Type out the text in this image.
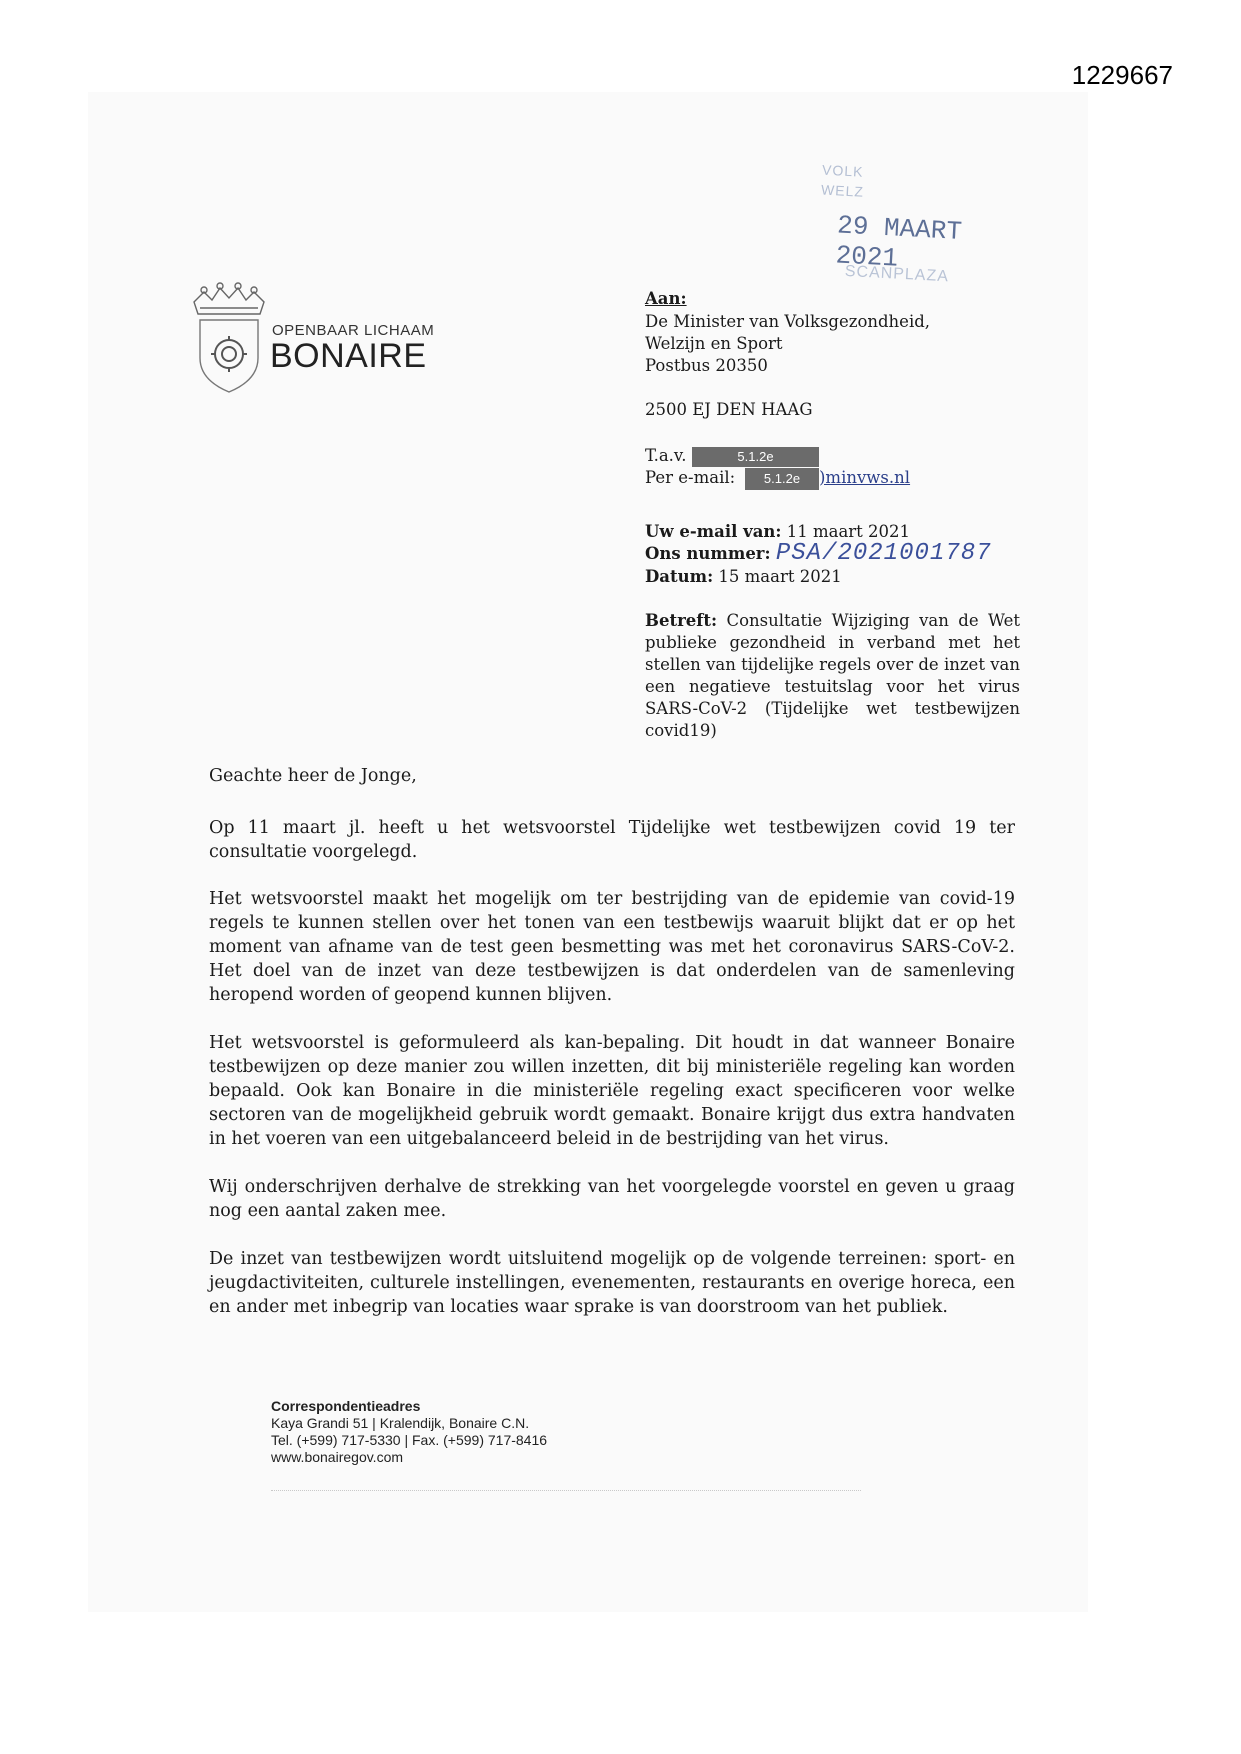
1229667
VOLK
WELZ
29 MAART 2021
SCANPLAZA
OPENBAAR LICHAAM
BONAIRE
Aan:
De Minister van Volksgezondheid,
Welzijn en Sport
Postbus 20350
2500 EJ DEN HAAG
T.a.v.	5.1.2e
Per e-mail:	5.1.2e	)minvws.nl
Uw e-mail van: 11 maart 2021
Ons nummer: PSA/2021001787
Datum: 15 maart 2021
Betreft: Consultatie Wijziging van de Wet publieke gezondheid in verband met het stellen van tijdelijke regels over de inzet van een negatieve testuitslag voor het virus SARS-CoV-2 (Tijdelijke wet testbewijzen covid19)
Geachte heer de Jonge,
Op 11 maart jl. heeft u het wetsvoorstel Tijdelijke wet testbewijzen covid 19 ter consultatie voorgelegd.
Het wetsvoorstel maakt het mogelijk om ter bestrijding van de epidemie van covid-19 regels te kunnen stellen over het tonen van een testbewijs waaruit blijkt dat er op het moment van afname van de test geen besmetting was met het coronavirus SARS-CoV-2. Het doel van de inzet van deze testbewijzen is dat onderdelen van de samenleving heropend worden of geopend kunnen blijven.
Het wetsvoorstel is geformuleerd als kan-bepaling. Dit houdt in dat wanneer Bonaire testbewijzen op deze manier zou willen inzetten, dit bij ministeriële regeling kan worden bepaald. Ook kan Bonaire in die ministeriële regeling exact specificeren voor welke sectoren van de mogelijkheid gebruik wordt gemaakt. Bonaire krijgt dus extra handvaten in het voeren van een uitgebalanceerd beleid in de bestrijding van het virus.
Wij onderschrijven derhalve de strekking van het voorgelegde voorstel en geven u graag nog een aantal zaken mee.
De inzet van testbewijzen wordt uitsluitend mogelijk op de volgende terreinen: sport- en jeugdactiviteiten, culturele instellingen, evenementen, restaurants en overige horeca, een en ander met inbegrip van locaties waar sprake is van doorstroom van het publiek.
Correspondentieadres
Kaya Grandi 51 | Kralendijk, Bonaire C.N.
Tel. (+599) 717-5330 | Fax. (+599) 717-8416
www.bonairegov.com
